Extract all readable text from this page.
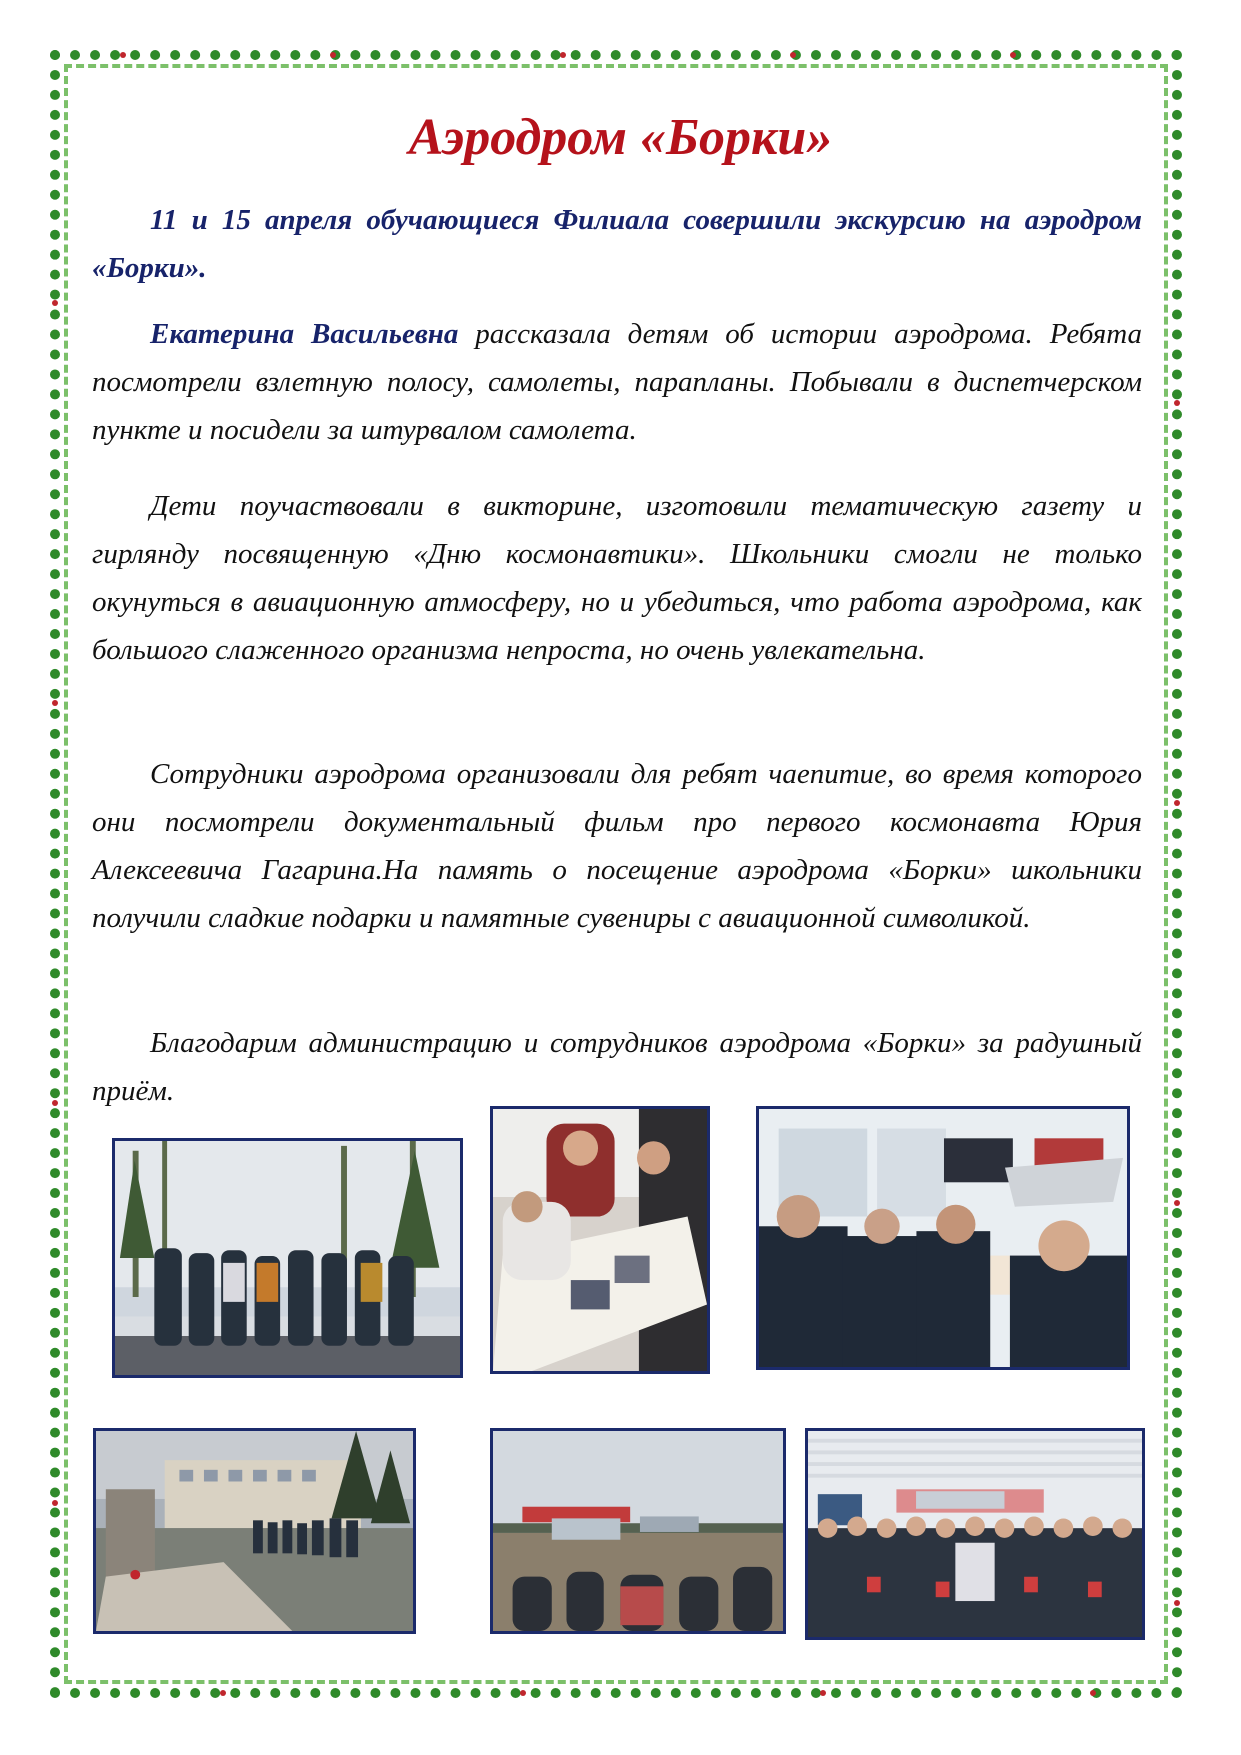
Аэродром «Борки»

11 и 15 апреля обучающиеся Филиала совершили экскурсию на аэродром «Борки».

Екатерина Васильевна рассказала детям об истории аэродрома. Ребята посмотрели взлетную полосу, самолеты, парапланы. Побывали в диспетчерском пункте и посидели за штурвалом самолета.

Дети поучаствовали в викторине, изготовили тематическую газету и гирлянду посвященную «Дню космонавтики». Школьники смогли не только окунуться в авиационную атмосферу, но и убедиться, что работа аэродрома, как большого слаженного организма непроста, но очень увлекательна.

Сотрудники аэродрома организовали для ребят чаепитие, во время которого они посмотрели документальный фильм про первого космонавта Юрия Алексеевича Гагарина.На память о посещение аэродрома «Борки» школьники получили сладкие подарки и памятные сувениры с авиационной символикой.

Благодарим администрацию и сотрудников аэродрома «Борки» за радушный приём.
